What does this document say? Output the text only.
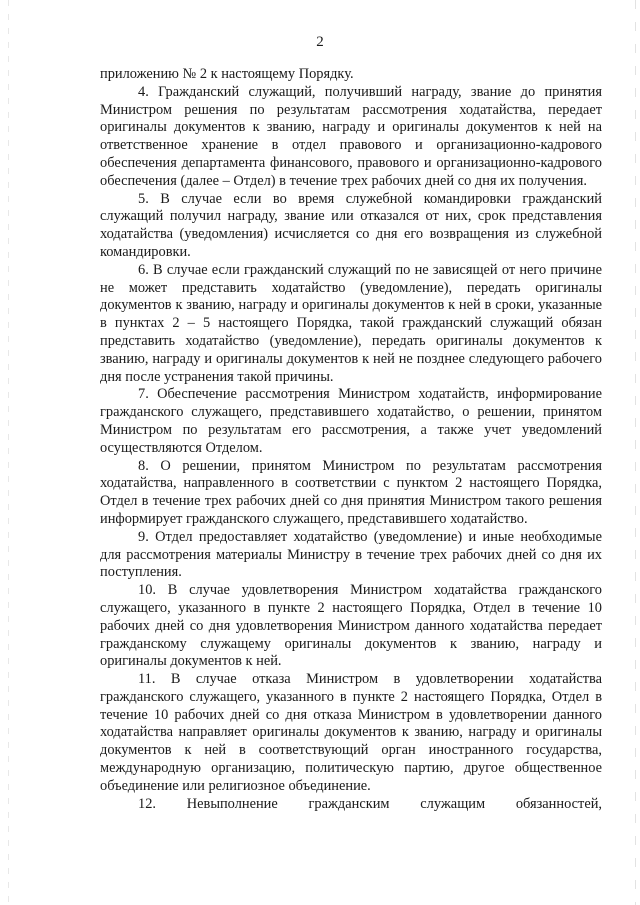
2

приложению № 2 к настоящему Порядку.

4. Гражданский служащий, получивший награду, звание до принятия Министром решения по результатам рассмотрения ходатайства, передает оригиналы документов к званию, награду и оригиналы документов к ней на ответственное хранение в отдел правового и организационно-кадрового обеспечения департамента финансового, правового и организационно-кадрового обеспечения (далее – Отдел) в течение трех рабочих дней со дня их получения.

5. В случае если во время служебной командировки гражданский служащий получил награду, звание или отказался от них, срок представления ходатайства (уведомления) исчисляется со дня его возвращения из служебной командировки.

6. В случае если гражданский служащий по не зависящей от него причине не может представить ходатайство (уведомление), передать оригиналы документов к званию, награду и оригиналы документов к ней в сроки, указанные в пунктах 2 – 5 настоящего Порядка, такой гражданский служащий обязан представить ходатайство (уведомление), передать оригиналы документов к званию, награду и оригиналы документов к ней не позднее следующего рабочего дня после устранения такой причины.

7. Обеспечение рассмотрения Министром ходатайств, информирование гражданского служащего, представившего ходатайство, о решении, принятом Министром по результатам его рассмотрения, а также учет уведомлений осуществляются Отделом.

8. О решении, принятом Министром по результатам рассмотрения ходатайства, направленного в соответствии с пунктом 2 настоящего Порядка, Отдел в течение трех рабочих дней со дня принятия Министром такого решения информирует гражданского служащего, представившего ходатайство.

9. Отдел предоставляет ходатайство (уведомление) и иные необходимые для рассмотрения материалы Министру в течение трех рабочих дней со дня их поступления.

10. В случае удовлетворения Министром ходатайства гражданского служащего, указанного в пункте 2 настоящего Порядка, Отдел в течение 10 рабочих дней со дня удовлетворения Министром данного ходатайства передает гражданскому служащему оригиналы документов к званию, награду и оригиналы документов к ней.

11. В случае отказа Министром в удовлетворении ходатайства гражданского служащего, указанного в пункте 2 настоящего Порядка, Отдел в течение 10 рабочих дней со дня отказа Министром в удовлетворении данного ходатайства направляет оригиналы документов к званию, награду и оригиналы документов к ней в соответствующий орган иностранного государства, международную организацию, политическую партию, другое общественное объединение или религиозное объединение.

12. Невыполнение гражданским служащим обязанностей,
